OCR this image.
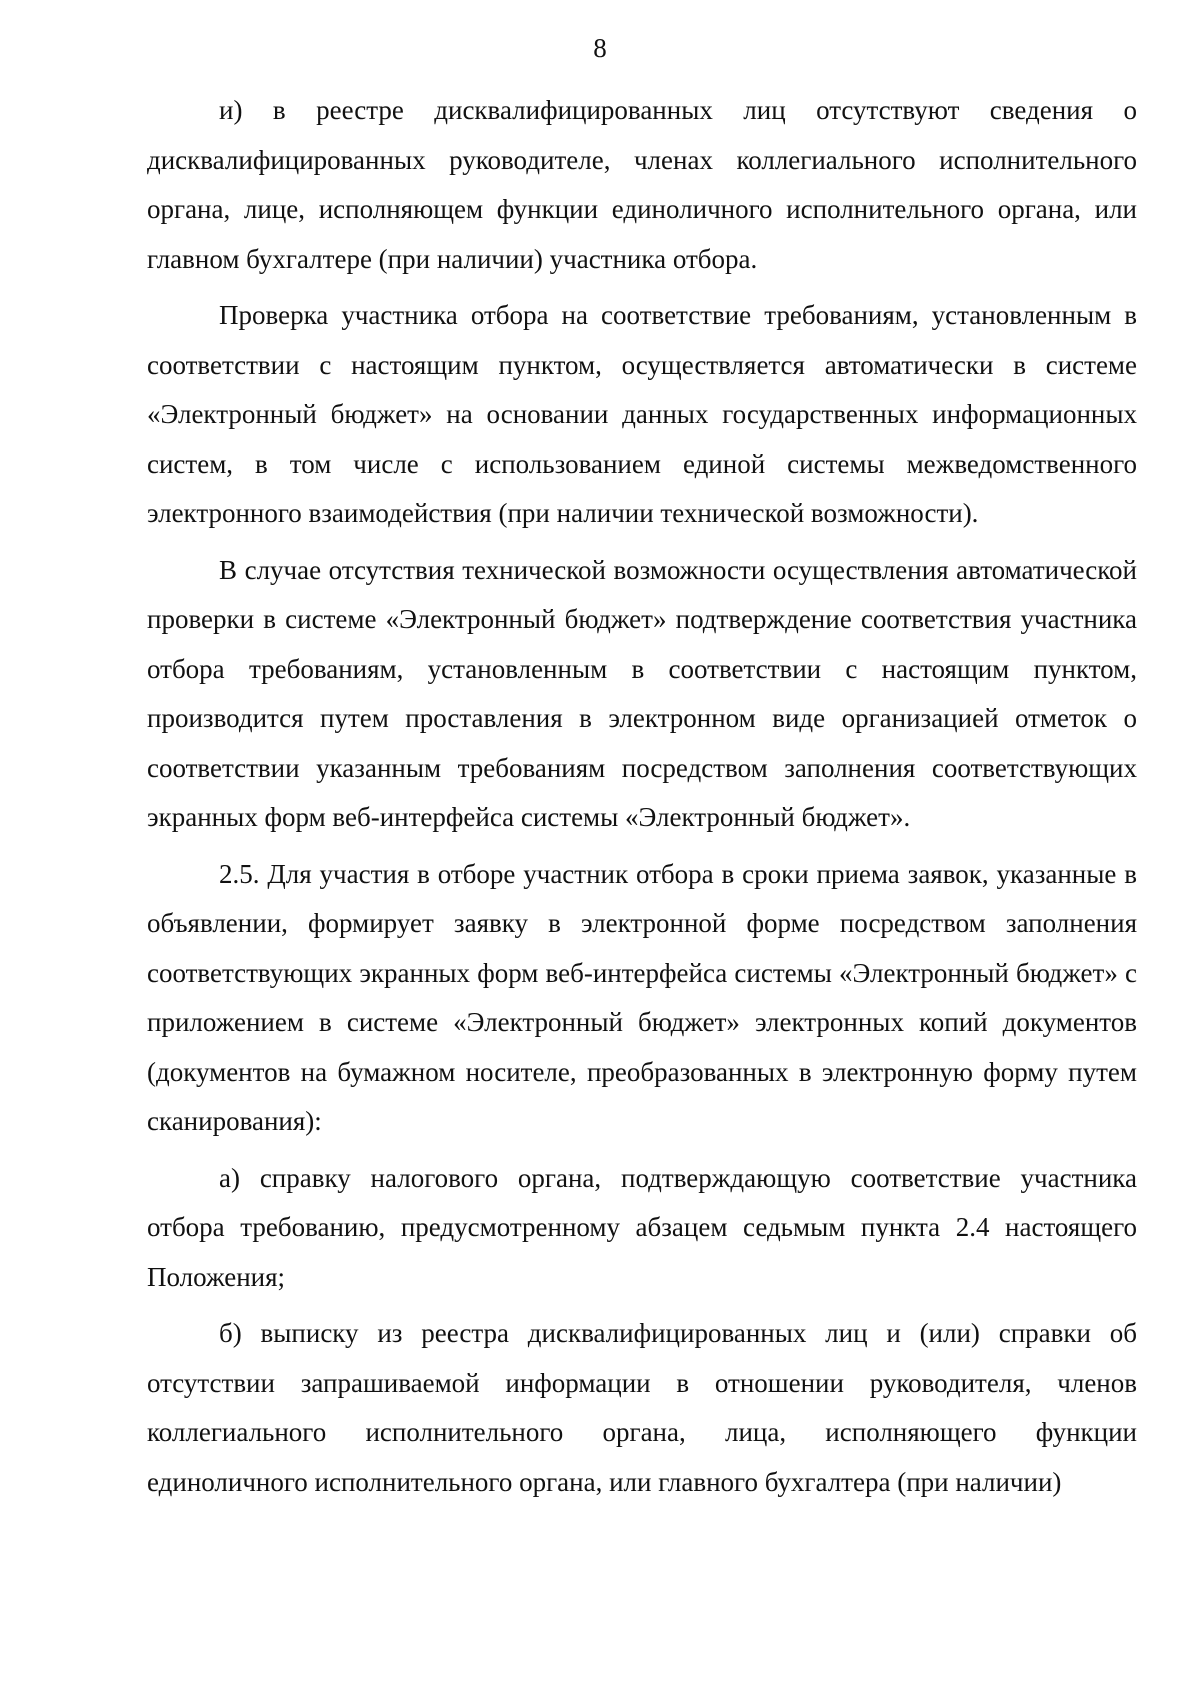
8

и) в реестре дисквалифицированных лиц отсутствуют сведения о дисквалифицированных руководителе, членах коллегиального исполнительного органа, лице, исполняющем функции единоличного исполнительного органа, или главном бухгалтере (при наличии) участника отбора.

Проверка участника отбора на соответствие требованиям, установленным в соответствии с настоящим пунктом, осуществляется автоматически в системе «Электронный бюджет» на основании данных государственных информационных систем, в том числе с использованием единой системы межведомственного электронного взаимодействия (при наличии технической возможности).

В случае отсутствия технической возможности осуществления автоматической проверки в системе «Электронный бюджет» подтверждение соответствия участника отбора требованиям, установленным в соответствии с настоящим пунктом, производится путем проставления в электронном виде организацией отметок о соответствии указанным требованиям посредством заполнения соответствующих экранных форм веб-интерфейса системы «Электронный бюджет».

2.5. Для участия в отборе участник отбора в сроки приема заявок, указанные в объявлении, формирует заявку в электронной форме посредством заполнения соответствующих экранных форм веб-интерфейса системы «Электронный бюджет» с приложением в системе «Электронный бюджет» электронных копий документов (документов на бумажном носителе, преобразованных в электронную форму путем сканирования):

а) справку налогового органа, подтверждающую соответствие участника отбора требованию, предусмотренному абзацем седьмым пункта 2.4 настоящего Положения;

б) выписку из реестра дисквалифицированных лиц и (или) справки об отсутствии запрашиваемой информации в отношении руководителя, членов коллегиального исполнительного органа, лица, исполняющего функции единоличного исполнительного органа, или главного бухгалтера (при наличии)
